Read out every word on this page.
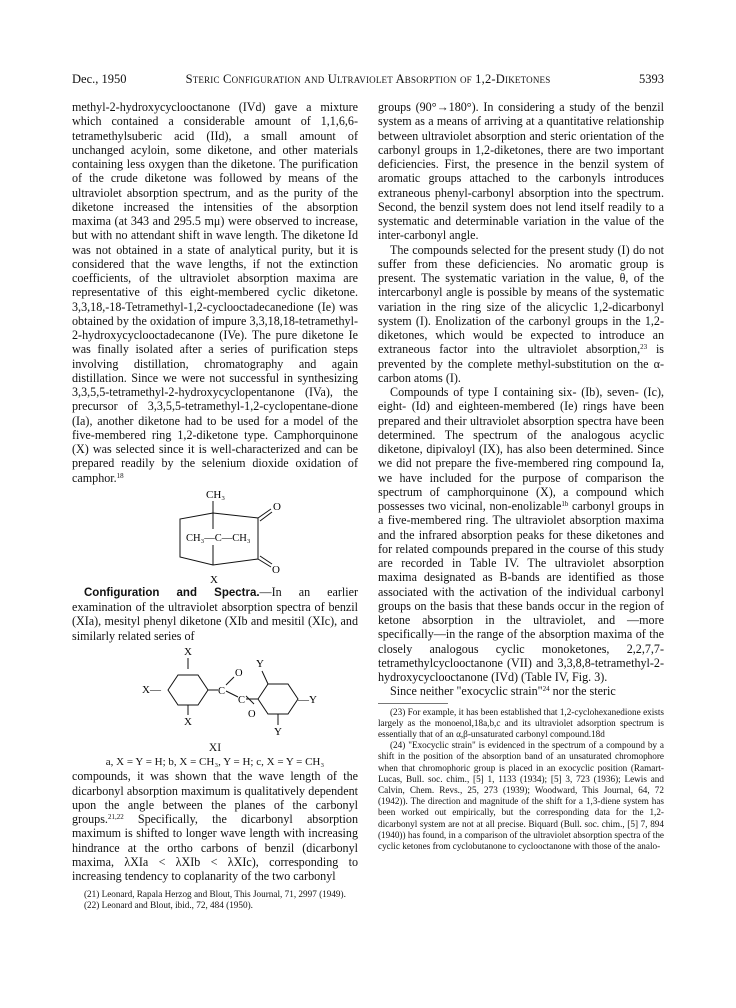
Dec., 1950	Steric Configuration and Ultraviolet Absorption of 1,2-Diketones	5393

methyl-2-hydroxycyclooctanone (IVd) gave a mixture which contained a considerable amount of 1,1,6,6-tetramethylsuberic acid (IId), a small amount of unchanged acyloin, some diketone, and other materials containing less oxygen than the diketone. The purification of the crude diketone was followed by means of the ultraviolet absorption spectrum, and as the purity of the diketone increased the intensities of the absorption maxima (at 343 and 295.5 mμ) were observed to increase, but with no attendant shift in wave length. The diketone Id was not obtained in a state of analytical purity, but it is considered that the wave lengths, if not the extinction coefficients, of the ultraviolet absorption maxima are representative of this eight-membered cyclic diketone. 3,3,18,-18-Tetramethyl-1,2-cyclooctadecanedione (Ie) was obtained by the oxidation of impure 3,3,18,18-tetramethyl-2-hydroxycyclooctadecanone (IVe). The pure diketone Ie was finally isolated after a series of purification steps involving distillation, chromatography and again distillation. Since we were not successful in synthesizing 3,3,5,5-tetramethyl-2-hydroxycyclopentanone (IVa), the precursor of 3,3,5,5-tetramethyl-1,2-cyclopentane-dione (Ia), another diketone had to be used for a model of the five-membered ring 1,2-diketone type. Camphorquinone (X) was selected since it is well-characterized and can be prepared readily by the selenium dioxide oxidation of camphor.$^{18}$

CH₃
CH₃—C—CH₃
O
O
X

Configuration and Spectra.—In an earlier examination of the ultraviolet absorption spectra of benzil (XIa), mesityl phenyl diketone (XIb and mesitil (XIc), and similarly related series of

X
X—
X
C
O
C
O
Y
—Y
Y
XI
a, X = Y = H; b, X = CH₃, Y = H; c, X = Y = CH₃

compounds, it was shown that the wave length of the dicarbonyl absorption maximum is qualitatively dependent upon the angle between the planes of the carbonyl groups.$^{21,22}$ Specifically, the dicarbonyl absorption maximum is shifted to longer wave length with increasing hindrance at the ortho carbons of benzil (dicarbonyl maxima, λXIa < λXIb < λXIc), corresponding to increasing tendency to coplanarity of the two carbonyl

(21) Leonard, Rapala Herzog and Blout, This Journal, 71, 2997 (1949).

(22) Leonard and Blout, ibid., 72, 484 (1950).

groups (90°→180°). In considering a study of the benzil system as a means of arriving at a quantitative relationship between ultraviolet absorption and steric orientation of the carbonyl groups in 1,2-diketones, there are two important deficiencies. First, the presence in the benzil system of aromatic groups attached to the carbonyls introduces extraneous phenyl-carbonyl absorption into the spectrum. Second, the benzil system does not lend itself readily to a systematic and determinable variation in the value of the inter-carbonyl angle.

The compounds selected for the present study (I) do not suffer from these deficiencies. No aromatic group is present. The systematic variation in the value, θ, of the intercarbonyl angle is possible by means of the systematic variation in the ring size of the alicyclic 1,2-dicarbonyl system (I). Enolization of the carbonyl groups in the 1,2-diketones, which would be expected to introduce an extraneous factor into the ultraviolet absorption,$^{23}$ is prevented by the complete methyl-substitution on the α-carbon atoms (I).

Compounds of type I containing six- (Ib), seven- (Ic), eight- (Id) and eighteen-membered (Ie) rings have been prepared and their ultraviolet absorption spectra have been determined. The spectrum of the analogous acyclic diketone, dipivaloyl (IX), has also been determined. Since we did not prepare the five-membered ring compound Ia, we have included for the purpose of comparison the spectrum of camphorquinone (X), a compound which possesses two vicinal, non-enolizable$^{1b}$ carbonyl groups in a five-membered ring. The ultraviolet absorption maxima and the infrared absorption peaks for these diketones and for related compounds prepared in the course of this study are recorded in Table IV. The ultraviolet absorption maxima designated as B-bands are identified as those associated with the activation of the individual carbonyl groups on the basis that these bands occur in the region of ketone absorption in the ultraviolet, and —more specifically—in the range of the absorption maxima of the closely analogous cyclic monoketones, 2,2,7,7-tetramethylcyclooctanone (VII) and 3,3,8,8-tetramethyl-2-hydroxycyclooctanone (IVd) (Table IV, Fig. 3).

Since neither "exocyclic strain"$^{24}$ nor the steric

(23) For example, it has been established that 1,2-cyclohexanedione exists largely as the monoenol,18a,b,c and its ultraviolet adsorption spectrum is essentially that of an α,β-unsaturated carbonyl compound.18d

(24) "Exocyclic strain" is evidenced in the spectrum of a compound by a shift in the position of the absorption band of an unsaturated chromophore when that chromophoric group is placed in an exocyclic position (Ramart-Lucas, Bull. soc. chim., [5] 1, 1133 (1934); [5] 3, 723 (1936); Lewis and Calvin, Chem. Revs., 25, 273 (1939); Woodward, This Journal, 64, 72 (1942)). The direction and magnitude of the shift for a 1,3-diene system has been worked out empirically, but the corresponding data for the 1,2-dicarbonyl system are not at all precise. Biquard (Bull. soc. chim., [5] 7, 894 (1940)) has found, in a comparison of the ultraviolet absorption spectra of the cyclic ketones from cyclobutanone to cyclooctanone with those of the analo-
